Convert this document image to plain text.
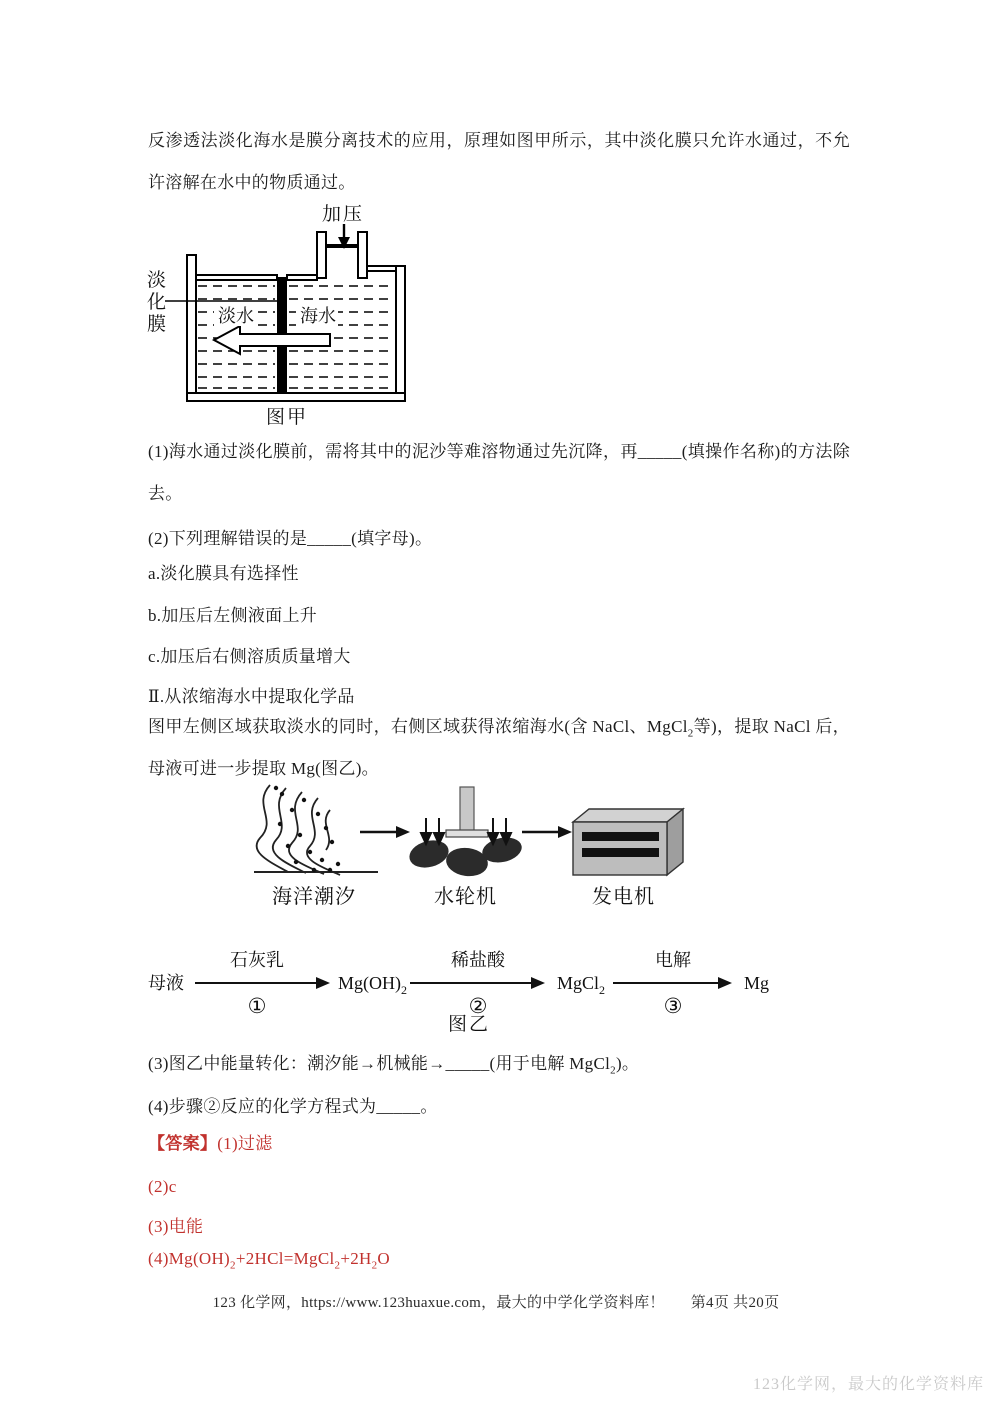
反渗透法淡化海水是膜分离技术的应用，原理如图甲所示，其中淡化膜只允许水通过，不允许溶解在水中的物质通过。
加压
淡水	海水
淡
化
膜
图甲
(1)海水通过淡化膜前，需将其中的泥沙等难溶物通过先沉降，再_____(填操作名称)的方法除去。
(2)下列理解错误的是_____(填字母)。
a.淡化膜具有选择性
b.加压后左侧液面上升
c.加压后右侧溶质质量增大
Ⅱ.从浓缩海水中提取化学品
图甲左侧区域获取淡水的同时，右侧区域获得浓缩海水(含 NaCl、MgCl$_2$等)，提取 NaCl 后，母液可进一步提取 Mg(图乙)。
海洋潮汐	水轮机	发电机
母液
石灰乳
①
$Mg(OH)_2$
稀盐酸
②
MgCl$_2$
电解
③
Mg
图乙
(3)图乙中能量转化：潮汐能→机械能→_____(用于电解 MgCl$_2$)。
(4)步骤②反应的化学方程式为_____。
【答案】(1)过滤
(2)c
(3)电能
$(4)Mg(OH)_2+2HCl=MgCl_2+2H_2O$
123 化学网，https://www.123huaxue.com，最大的中学化学资料库！ 第4页 共20页
123化学网，最大的化学资料库
